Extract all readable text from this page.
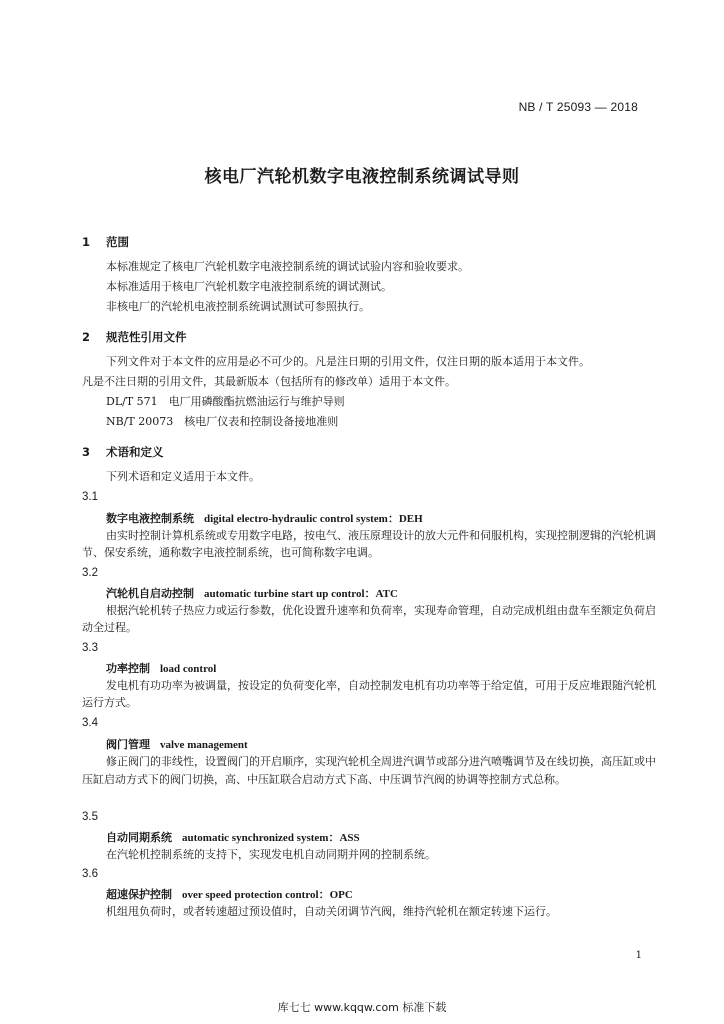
NB / T 25093 — 2018
核电厂汽轮机数字电液控制系统调试导则
1 范围

本标准规定了核电厂汽轮机数字电液控制系统的调试试验内容和验收要求。

本标准适用于核电厂汽轮机数字电液控制系统的调试测试。

非核电厂的汽轮机电液控制系统调试测试可参照执行。

2 规范性引用文件

下列文件对于本文件的应用是必不可少的。凡是注日期的引用文件，仅注日期的版本适用于本文件。

凡是不注日期的引用文件，其最新版本（包括所有的修改单）适用于本文件。

DL/T 571　电厂用磷酸酯抗燃油运行与维护导则

NB/T 20073　核电厂仪表和控制设备接地准则

3 术语和定义

下列术语和定义适用于本文件。

3.1
数字电液控制系统 digital electro-hydraulic control system：DEH

由实时控制计算机系统或专用数字电路，按电气、液压原理设计的放大元件和伺服机构，实现控制逻辑的汽轮机调节、保安系统，通称数字电液控制系统，也可简称数字电调。

3.2
汽轮机自启动控制 automatic turbine start up control：ATC

根据汽轮机转子热应力或运行参数，优化设置升速率和负荷率，实现寿命管理，自动完成机组由盘车至额定负荷启动全过程。

3.3
功率控制 load control

发电机有功功率为被调量，按设定的负荷变化率，自动控制发电机有功功率等于给定值，可用于反应堆跟随汽轮机运行方式。

3.4
阀门管理 valve management

修正阀门的非线性，设置阀门的开启顺序，实现汽轮机全周进汽调节或部分进汽喷嘴调节及在线切换，高压缸或中压缸启动方式下的阀门切换，高、中压缸联合启动方式下高、中压调节汽阀的协调等控制方式总称。

3.5
自动同期系统 automatic synchronized system：ASS

在汽轮机控制系统的支持下，实现发电机自动同期并网的控制系统。

3.6
超速保护控制 over speed protection control：OPC

机组甩负荷时，或者转速超过预设值时，自动关闭调节汽阀，维持汽轮机在额定转速下运行。

1
库七七 www.kqqw.com 标准下载
